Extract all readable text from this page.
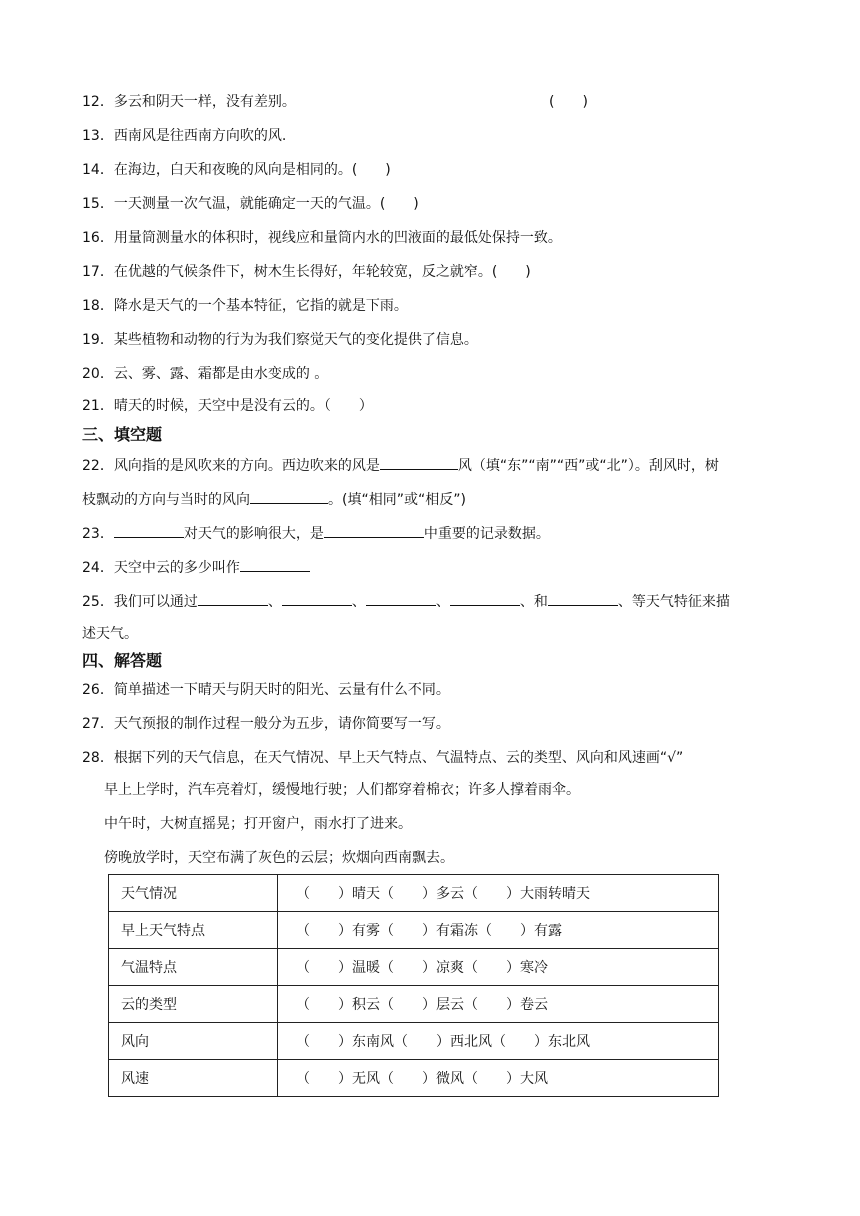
12．多云和阴天一样，没有差别。	(　　)
13．西南风是往西南方向吹的风.
14．在海边，白天和夜晚的风向是相同的。(　　)
15．一天测量一次气温，就能确定一天的气温。(　　)
16．用量筒测量水的体积时，视线应和量筒内水的凹液面的最低处保持一致。
17．在优越的气候条件下，树木生长得好，年轮较宽，反之就窄。(　　)
18．降水是天气的一个基本特征，它指的就是下雨。
19．某些植物和动物的行为为我们察觉天气的变化提供了信息。
20．云、雾、露、霜都是由水变成的 。
21．晴天的时候，天空中是没有云的。（　　）
三、填空题
22．风向指的是风吹来的方向。西边吹来的风是	风（填“东”“南”“西”或“北”）。刮风时，树
枝飘动的方向与当时的风向	。(填“相同”或“相反”)
23．	对天气的影响很大，是	中重要的记录数据。
24．天空中云的多少叫作
25．我们可以通过	、	、	、	、和	、等天气特征来描
述天气。
四、解答题
26．简单描述一下晴天与阴天时的阳光、云量有什么不同。
27．天气预报的制作过程一般分为五步，请你简要写一写。
28．根据下列的天气信息，在天气情况、早上天气特点、气温特点、云的类型、风向和风速画“√”
早上上学时，汽车亮着灯，缓慢地行驶；人们都穿着棉衣；许多人撑着雨伞。
中午时，大树直摇晃；打开窗户，雨水打了进来。
傍晚放学时，天空布满了灰色的云层；炊烟向西南飘去。
天气情况	（　　）晴天（　　）多云（　　）大雨转晴天
早上天气特点	（　　）有雾（　　）有霜冻（　　）有露
气温特点	（　　）温暖（　　）凉爽（　　）寒冷
云的类型	（　　）积云（　　）层云（　　）卷云
风向	（　　）东南风（　　）西北风（　　）东北风
风速	（　　）无风（　　）微风（　　）大风
